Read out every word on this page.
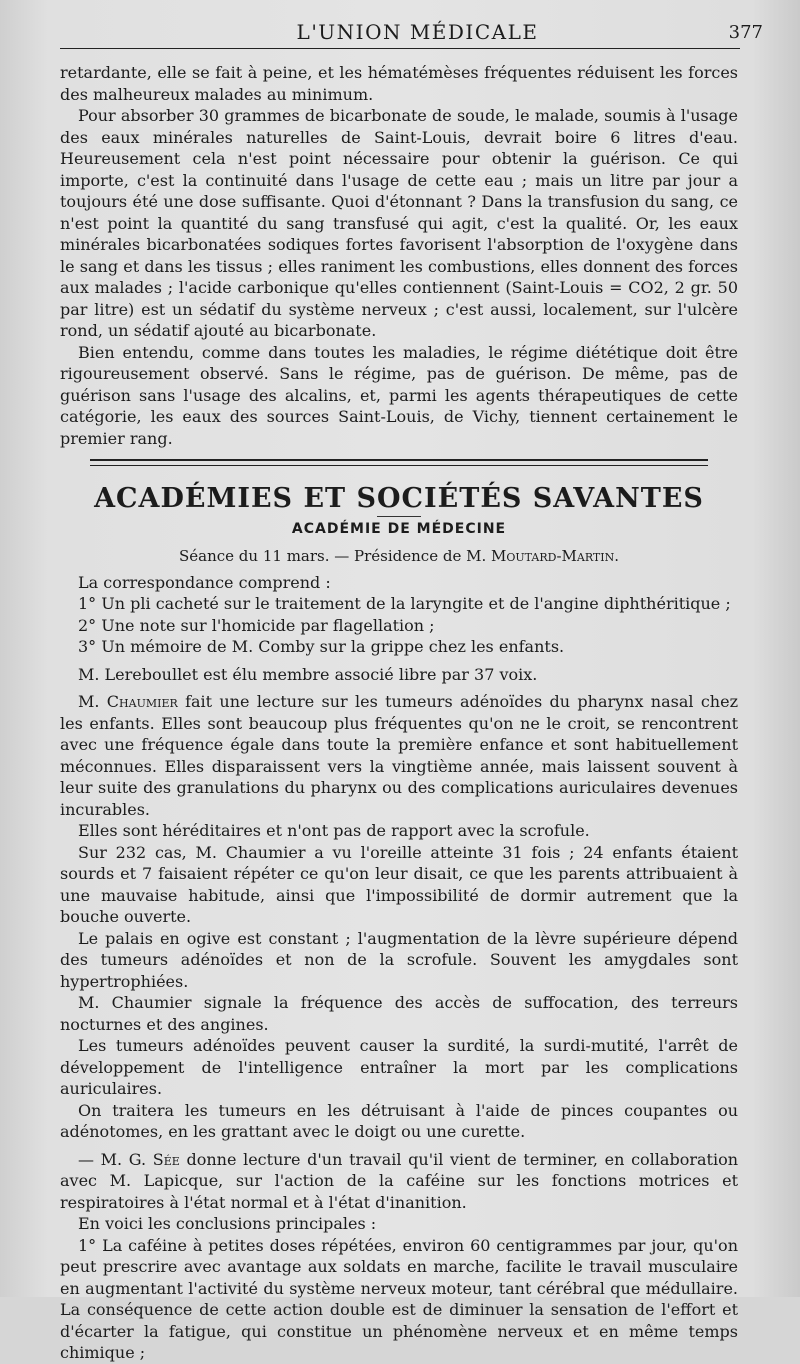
L'UNION MÉDICALE	377

retardante, elle se fait à peine, et les hématémèses fréquentes réduisent les forces des malheureux malades au minimum.

Pour absorber 30 grammes de bicarbonate de soude, le malade, soumis à l'usage des eaux minérales naturelles de Saint-Louis, devrait boire 6 litres d'eau. Heureusement cela n'est point nécessaire pour obtenir la guérison. Ce qui importe, c'est la continuité dans l'usage de cette eau ; mais un litre par jour a toujours été une dose suffisante. Quoi d'étonnant ? Dans la transfusion du sang, ce n'est point la quantité du sang transfusé qui agit, c'est la qualité. Or, les eaux minérales bicarbonatées sodiques fortes favorisent l'absorption de l'oxygène dans le sang et dans les tissus ; elles raniment les combustions, elles donnent des forces aux malades ; l'acide carbonique qu'elles contiennent (Saint-Louis = CO2, 2 gr. 50 par litre) est un sédatif du système nerveux ; c'est aussi, localement, sur l'ulcère rond, un sédatif ajouté au bicarbonate.

Bien entendu, comme dans toutes les maladies, le régime diététique doit être rigoureusement observé. Sans le régime, pas de guérison. De même, pas de guérison sans l'usage des alcalins, et, parmi les agents thérapeutiques de cette catégorie, les eaux des sources Saint-Louis, de Vichy, tiennent certainement le premier rang.

ACADÉMIES ET SOCIÉTÉS SAVANTES
ACADÉMIE DE MÉDECINE
Séance du 11 mars. — Présidence de M. Moutard-Martin.

La correspondance comprend :

1° Un pli cacheté sur le traitement de la laryngite et de l'angine diphthéritique ;

2° Une note sur l'homicide par flagellation ;

3° Un mémoire de M. Comby sur la grippe chez les enfants.

M. Lereboullet est élu membre associé libre par 37 voix.

M. Chaumier fait une lecture sur les tumeurs adénoïdes du pharynx nasal chez les enfants. Elles sont beaucoup plus fréquentes qu'on ne le croit, se rencontrent avec une fréquence égale dans toute la première enfance et sont habituellement méconnues. Elles disparaissent vers la vingtième année, mais laissent souvent à leur suite des granulations du pharynx ou des complications auriculaires devenues incurables.

Elles sont héréditaires et n'ont pas de rapport avec la scrofule.

Sur 232 cas, M. Chaumier a vu l'oreille atteinte 31 fois ; 24 enfants étaient sourds et 7 faisaient répéter ce qu'on leur disait, ce que les parents attribuaient à une mauvaise habitude, ainsi que l'impossibilité de dormir autrement que la bouche ouverte.

Le palais en ogive est constant ; l'augmentation de la lèvre supérieure dépend des tumeurs adénoïdes et non de la scrofule. Souvent les amygdales sont hypertrophiées.

M. Chaumier signale la fréquence des accès de suffocation, des terreurs nocturnes et des angines.

Les tumeurs adénoïdes peuvent causer la surdité, la surdi-mutité, l'arrêt de développement de l'intelligence entraîner la mort par les complications auriculaires.

On traitera les tumeurs en les détruisant à l'aide de pinces coupantes ou adénotomes, en les grattant avec le doigt ou une curette.

— M. G. Sée donne lecture d'un travail qu'il vient de terminer, en collaboration avec M. Lapicque, sur l'action de la caféine sur les fonctions motrices et respiratoires à l'état normal et à l'état d'inanition.

En voici les conclusions principales :

1° La caféine à petites doses répétées, environ 60 centigrammes par jour, qu'on peut prescrire avec avantage aux soldats en marche, facilite le travail musculaire en augmentant l'activité du système nerveux moteur, tant cérébral que médullaire. La conséquence de cette action double est de diminuer la sensation de l'effort et d'écarter la fatigue, qui constitue un phénomène nerveux et en même temps chimique ;
